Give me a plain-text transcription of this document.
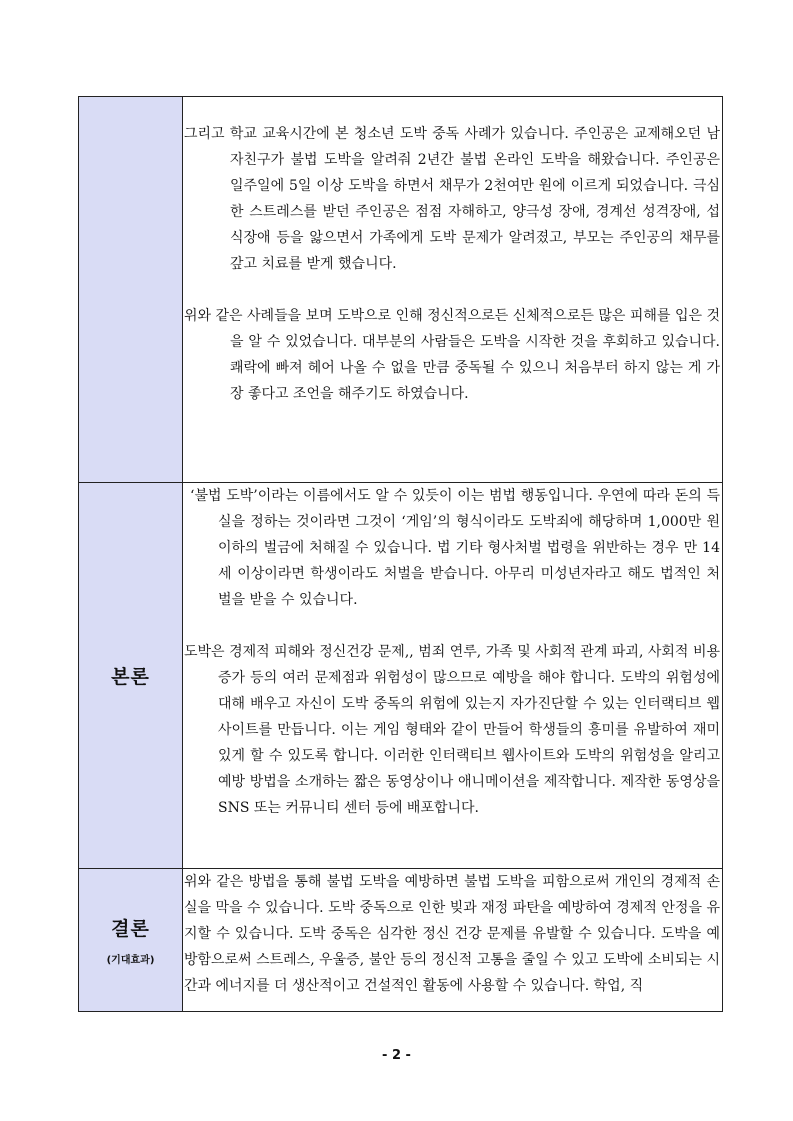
그리고 학교 교육시간에 본 청소년 도박 중독 사례가 있습니다. 주인공은 교제해오던 남자친구가 불법 도박을 알려줘 2년간 불법 온라인 도박을 해왔습니다. 주인공은 일주일에 5일 이상 도박을 하면서 채무가 2천여만 원에 이르게 되었습니다. 극심한 스트레스를 받던 주인공은 점점 자해하고, 양극성 장애, 경계선 성격장애, 섭식장애 등을 앓으면서 가족에게 도박 문제가 알려졌고, 부모는 주인공의 채무를 갚고 치료를 받게 했습니다.

위와 같은 사례들을 보며 도박으로 인해 정신적으로든 신체적으로든 많은 피해를 입은 것을 알 수 있었습니다. 대부분의 사람들은 도박을 시작한 것을 후회하고 있습니다. 쾌락에 빠져 헤어 나올 수 없을 만큼 중독될 수 있으니 처음부터 하지 않는 게 가장 좋다고 조언을 해주기도 하였습니다.

본론

‘불법 도박’이라는 이름에서도 알 수 있듯이 이는 범법 행동입니다. 우연에 따라 돈의 득실을 정하는 것이라면 그것이 ‘게임’의 형식이라도 도박죄에 해당하며 1,000만 원 이하의 벌금에 처해질 수 있습니다. 법 기타 형사처벌 법령을 위반하는 경우 만 14세 이상이라면 학생이라도 처벌을 받습니다. 아무리 미성년자라고 해도 법적인 처벌을 받을 수 있습니다.

도박은 경제적 피해와 정신건강 문제,, 범죄 연루, 가족 및 사회적 관계 파괴, 사회적 비용 증가 등의 여러 문제점과 위험성이 많으므로 예방을 해야 합니다. 도박의 위험성에 대해 배우고 자신이 도박 중독의 위험에 있는지 자가진단할 수 있는 인터랙티브 웹사이트를 만듭니다. 이는 게임 형태와 같이 만들어 학생들의 흥미를 유발하여 재미있게 할 수 있도록 합니다. 이러한 인터랙티브 웹사이트와 도박의 위험성을 알리고 예방 방법을 소개하는 짧은 동영상이나 애니메이션을 제작합니다. 제작한 동영상을 SNS 또는 커뮤니티 센터 등에 배포합니다.

결론
(기대효과)

위와 같은 방법을 통해 불법 도박을 예방하면 불법 도박을 피함으로써 개인의 경제적 손실을 막을 수 있습니다. 도박 중독으로 인한 빚과 재정 파탄을 예방하여 경제적 안정을 유지할 수 있습니다. 도박 중독은 심각한 정신 건강 문제를 유발할 수 있습니다. 도박을 예방함으로써 스트레스, 우울증, 불안 등의 정신적 고통을 줄일 수 있고 도박에 소비되는 시간과 에너지를 더 생산적이고 건설적인 활동에 사용할 수 있습니다. 학업, 직

- 2 -
